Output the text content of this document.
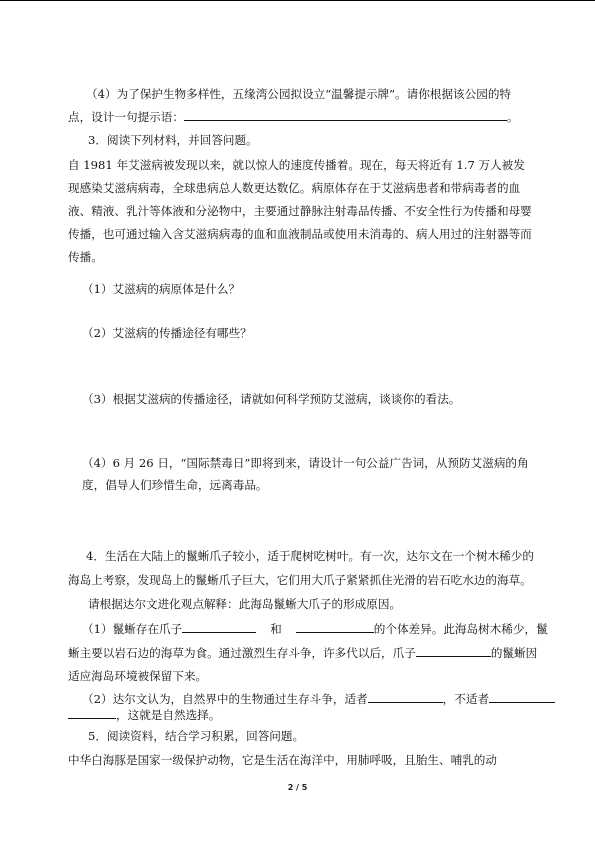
（4）为了保护生物多样性，五缘湾公园拟设立“温馨提示牌”。请你根据该公园的特
点，设计一句提示语：	。
3．阅读下列材料，并回答问题。
自 1981 年艾滋病被发现以来，就以惊人的速度传播着。现在，每天将近有 1.7 万人被发
现感染艾滋病病毒，全球患病总人数更达数亿。病原体存在于艾滋病患者和带病毒者的血
液、精液、乳汁等体液和分泌物中，主要通过静脉注射毒品传播、不安全性行为传播和母婴
传播，也可通过输入含艾滋病病毒的血和血液制品或使用未消毒的、病人用过的注射器等而
传播。
（1）艾滋病的病原体是什么？
（2）艾滋病的传播途径有哪些？
（3）根据艾滋病的传播途径，请就如何科学预防艾滋病，谈谈你的看法。
（4）6 月 26 日，“国际禁毒日”即将到来，请设计一句公益广告词，从预防艾滋病的角
度，倡导人们珍惜生命，远离毒品。
4．生活在大陆上的鬣蜥爪子较小，适于爬树吃树叶。有一次，达尔文在一个树木稀少的
海岛上考察，发现岛上的鬣蜥爪子巨大，它们用大爪子紧紧抓住光滑的岩石吃水边的海草。
请根据达尔文进化观点解释：此海岛鬣蜥大爪子的形成原因。
（1）鬣蜥存在爪子	和	的个体差异。此海岛树木稀少，鬣
蜥主要以岩石边的海草为食。通过激烈生存斗争，许多代以后，爪子	的鬣蜥因
适应海岛环境被保留下来。
（2）达尔文认为，自然界中的生物通过生存斗争，适者	，不适者
，这就是自然选择。
5．阅读资料，结合学习积累，回答问题。
中华白海豚是国家一级保护动物，它是生活在海洋中，用肺呼吸，且胎生、哺乳的动
2 / 5
